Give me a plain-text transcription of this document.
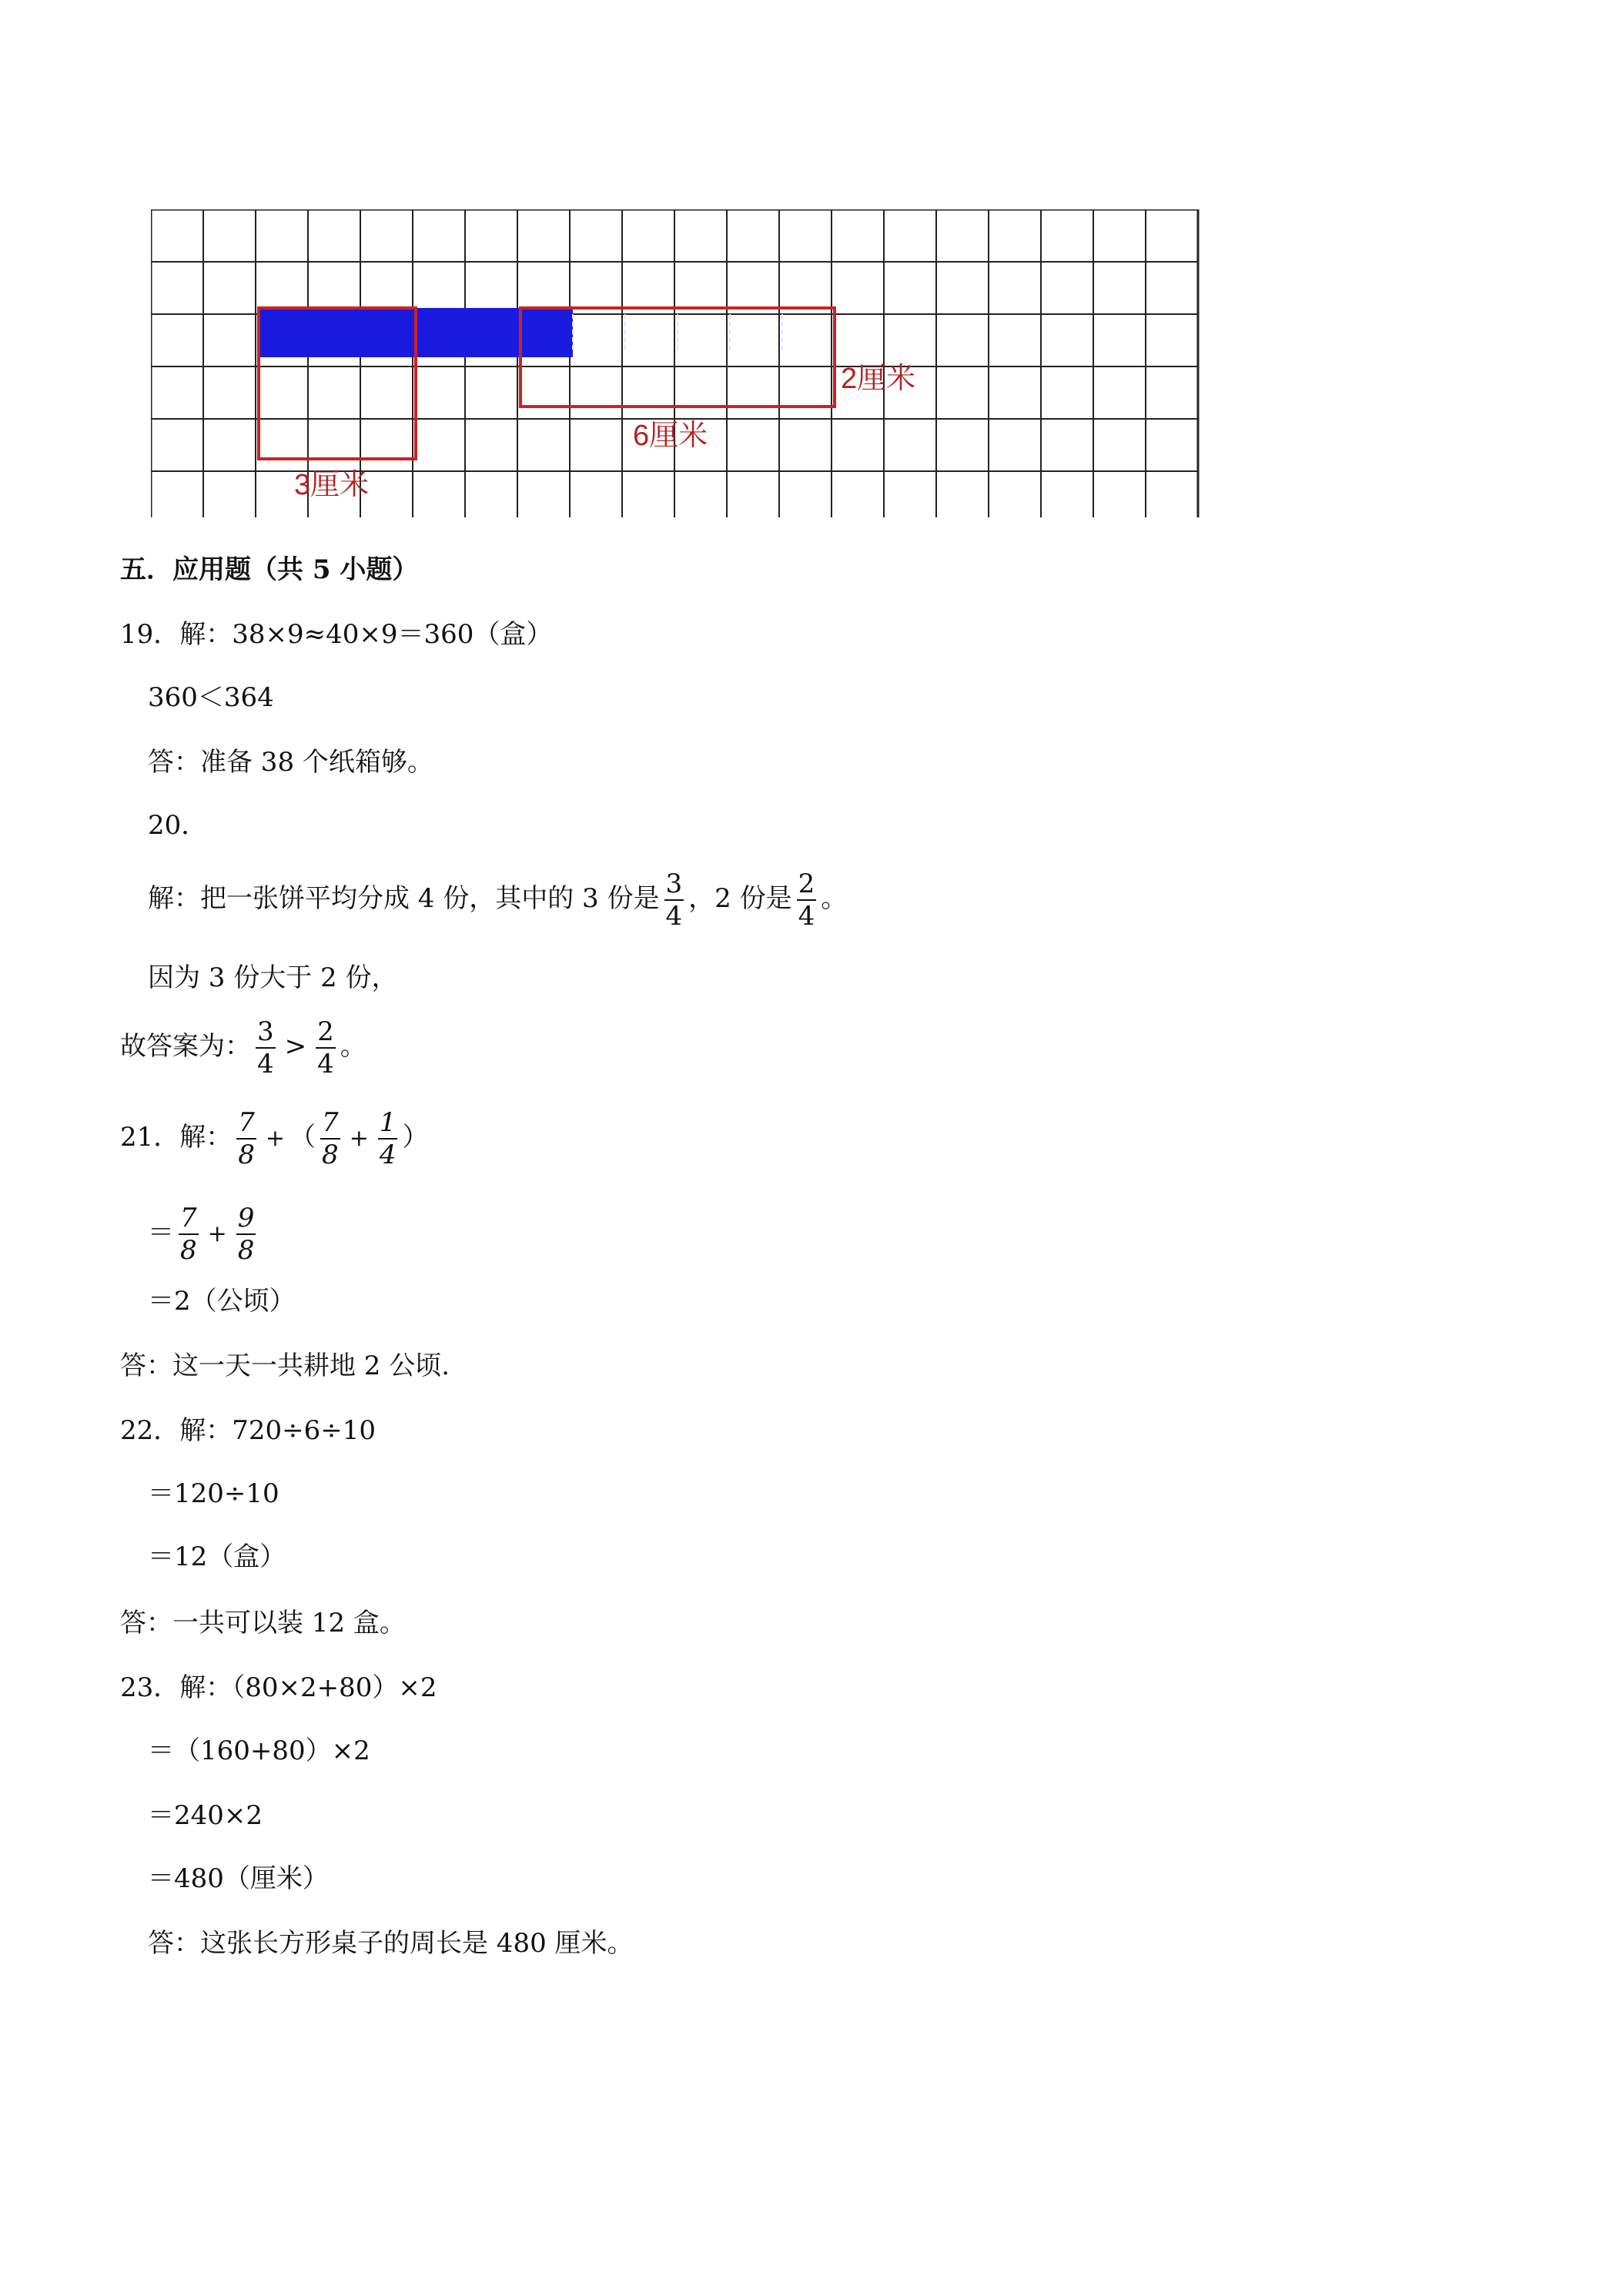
3厘米
2厘米
6厘米
五．应用题（共 5 小题）
19．解：38×9≈40×9＝360（盒）
360＜364
答：准备 38 个纸箱够。
20．
解：把一张饼平均分成 4 份，其中的 3 份是 $\frac{3}{4}$ ，2 份是 $\frac{2}{4}$ 。
因为 3 份大于 2 份，
故答案为： $\frac{3}{4} > \frac{2}{4}$ 。
21．解： $\frac{7}{8}$ + （ $\frac{7}{8} + \frac{1}{4}$ ）
＝ $\frac{7}{8} + \frac{9}{8}$
＝2（公顷）
答：这一天一共耕地 2 公顷.
22．解：720÷6÷10
＝120÷10
＝12（盒）
答：一共可以装 12 盒。
23．解：（80×2+80）×2
＝（160+80）×2
＝240×2
＝480（厘米）
答：这张长方形桌子的周长是 480 厘米。
